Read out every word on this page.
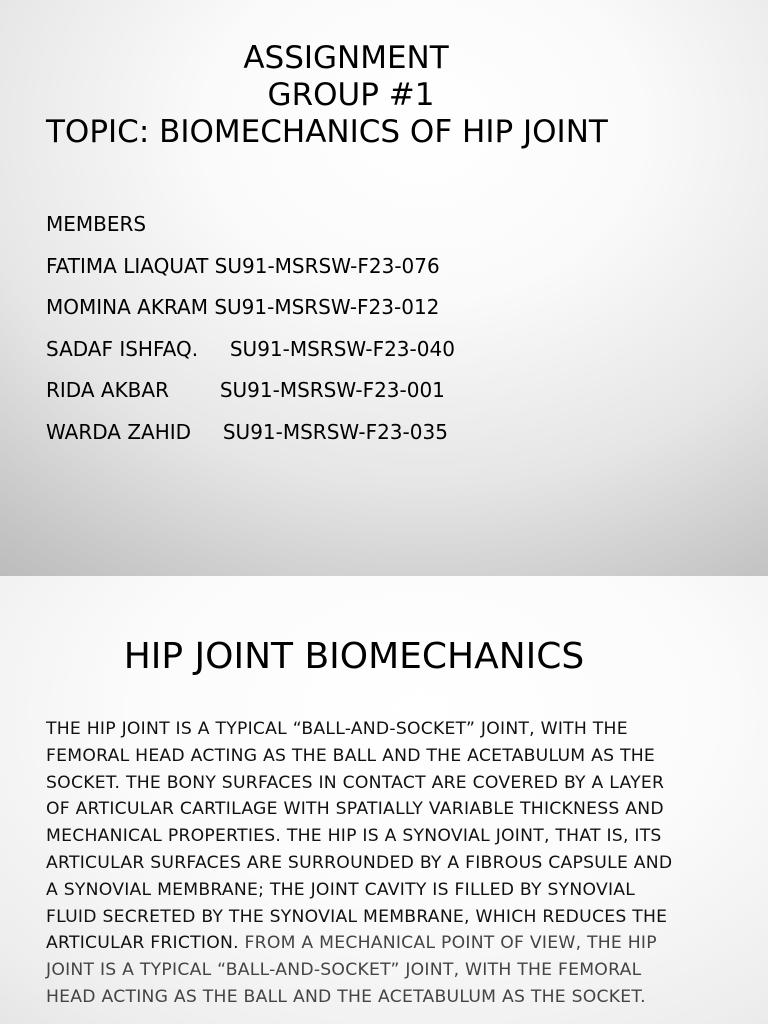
ASSIGNMENT
GROUP #1
TOPIC: BIOMECHANICS OF HIP JOINT
MEMBERS
FATIMA LIAQUAT SU91-MSRSW-F23-076
MOMINA AKRAM SU91-MSRSW-F23-012
SADAF ISHFAQ.     SU91-MSRSW-F23-040
RIDA AKBAR        SU91-MSRSW-F23-001
WARDA ZAHID     SU91-MSRSW-F23-035
HIP JOINT BIOMECHANICS
THE HIP JOINT IS A TYPICAL “BALL-AND-SOCKET” JOINT, WITH THE FEMORAL HEAD ACTING AS THE BALL AND THE ACETABULUM AS THE SOCKET. THE BONY SURFACES IN CONTACT ARE COVERED BY A LAYER OF ARTICULAR CARTILAGE WITH SPATIALLY VARIABLE THICKNESS AND MECHANICAL PROPERTIES. THE HIP IS A SYNOVIAL JOINT, THAT IS, ITS ARTICULAR SURFACES ARE SURROUNDED BY A FIBROUS CAPSULE AND A SYNOVIAL MEMBRANE; THE JOINT CAVITY IS FILLED BY SYNOVIAL FLUID SECRETED BY THE SYNOVIAL MEMBRANE, WHICH REDUCES THE ARTICULAR FRICTION. FROM A MECHANICAL POINT OF VIEW, THE HIP JOINT IS A TYPICAL “BALL-AND-SOCKET” JOINT, WITH THE FEMORAL HEAD ACTING AS THE BALL AND THE ACETABULUM AS THE SOCKET.
